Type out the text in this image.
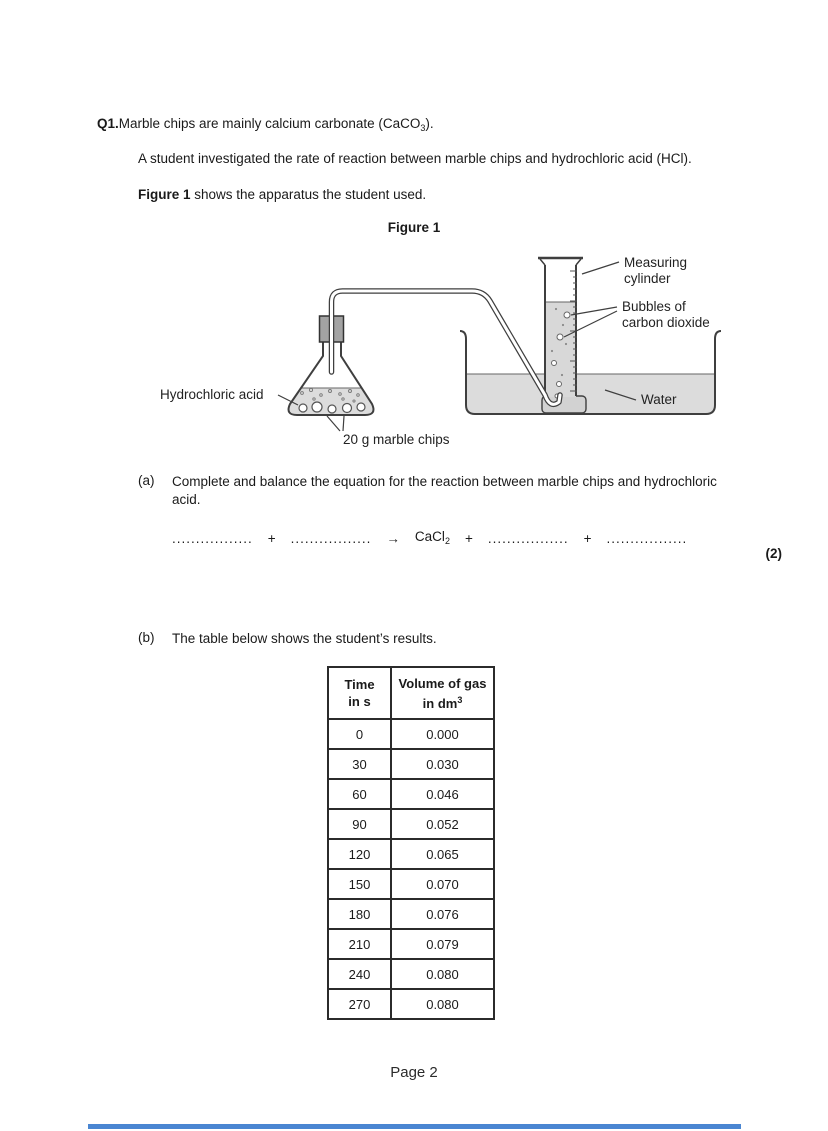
Q1.Marble chips are mainly calcium carbonate (CaCO$_3$).
A student investigated the rate of reaction between marble chips and hydrochloric acid (HCl).
Figure 1 shows the apparatus the student used.
Figure 1
Measuring
cylinder
Bubbles of
carbon dioxide
Water
Hydrochloric acid
20 g marble chips
(a) Complete and balance the equation for the reaction between marble chips and hydrochloric acid.
................. + ................. → CaCl$_2$ + ................. + .................
(2)
(b) The table below shows the student’s results.
Time
in s	Volume of gas
in $dm^3$
0	0.000
30	0.030
60	0.046
90	0.052
120	0.065
150	0.070
180	0.076
210	0.079
240	0.080
270	0.080
Page 2
